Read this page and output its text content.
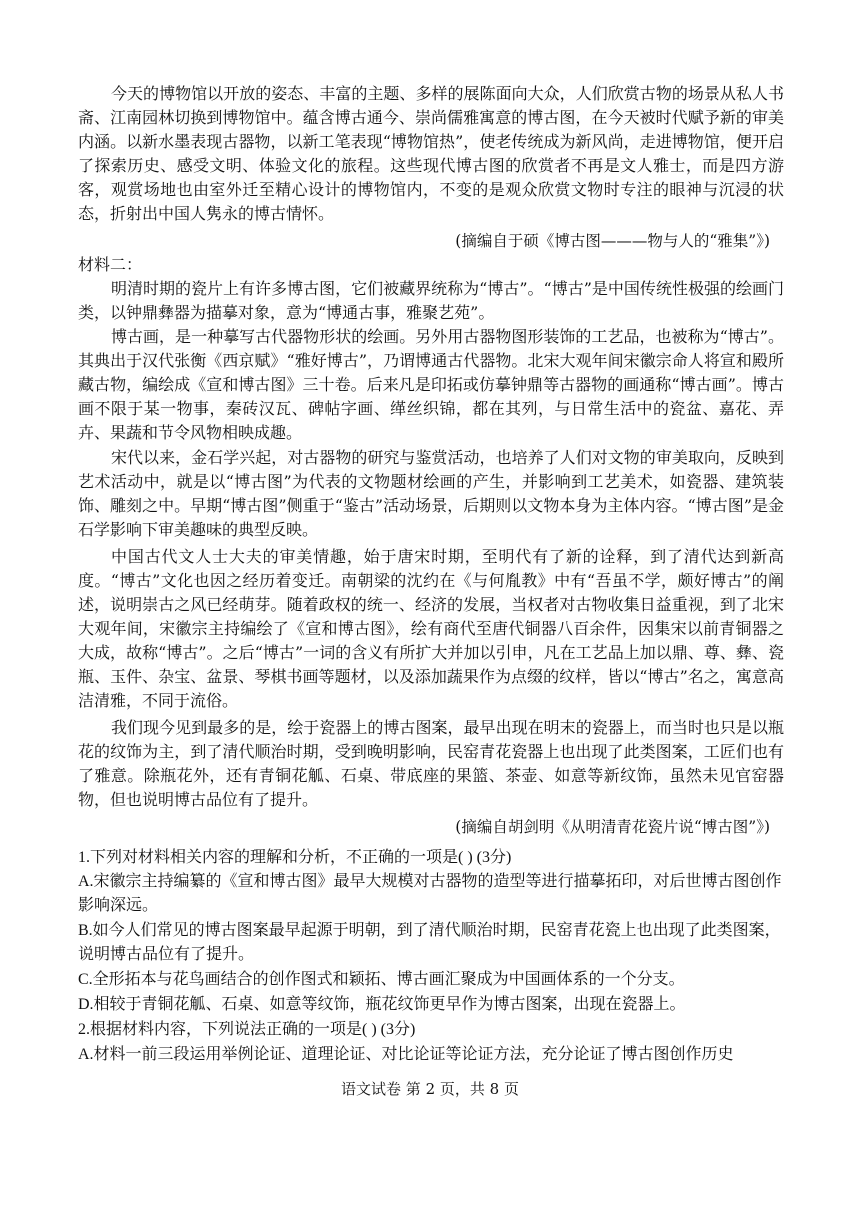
今天的博物馆以开放的姿态、丰富的主题、多样的展陈面向大众，人们欣赏古物的场景从私人书斋、江南园林切换到博物馆中。蕴含博古通今、崇尚儒雅寓意的博古图，在今天被时代赋予新的审美内涵。以新水墨表现古器物，以新工笔表现“博物馆热”，使老传统成为新风尚，走进博物馆，便开启了探索历史、感受文明、体验文化的旅程。这些现代博古图的欣赏者不再是文人雅士，而是四方游客，观赏场地也由室外迁至精心设计的博物馆内，不变的是观众欣赏文物时专注的眼神与沉浸的状态，折射出中国人隽永的博古情怀。

(摘编自于硕《博古图———物与人的“雅集”》)
材料二：

明清时期的瓷片上有许多博古图，它们被藏界统称为“博古”。“博古”是中国传统性极强的绘画门类，以钟鼎彝器为描摹对象，意为“博通古事，雅聚艺苑”。

博古画，是一种摹写古代器物形状的绘画。另外用古器物图形装饰的工艺品，也被称为“博古”。其典出于汉代张衡《西京赋》“雅好博古”，乃谓博通古代器物。北宋大观年间宋徽宗命人将宣和殿所藏古物，编绘成《宣和博古图》三十卷。后来凡是印拓或仿摹钟鼎等古器物的画通称“博古画”。博古画不限于某一物事，秦砖汉瓦、碑帖字画、缂丝织锦，都在其列，与日常生活中的瓷盆、嘉花、弄卉、果蔬和节令风物相映成趣。

宋代以来，金石学兴起，对古器物的研究与鉴赏活动，也培养了人们对文物的审美取向，反映到艺术活动中，就是以“博古图”为代表的文物题材绘画的产生，并影响到工艺美术，如瓷器、建筑装饰、雕刻之中。早期“博古图”侧重于“鉴古”活动场景，后期则以文物本身为主体内容。“博古图”是金石学影响下审美趣味的典型反映。

中国古代文人士大夫的审美情趣，始于唐宋时期，至明代有了新的诠释，到了清代达到新高度。“博古”文化也因之经历着变迁。南朝梁的沈约在《与何胤教》中有“吾虽不学，颇好博古”的阐述，说明崇古之风已经萌芽。随着政权的统一、经济的发展，当权者对古物收集日益重视，到了北宋大观年间，宋徽宗主持编绘了《宣和博古图》，绘有商代至唐代铜器八百余件，因集宋以前青铜器之大成，故称“博古”。之后“博古”一词的含义有所扩大并加以引申，凡在工艺品上加以鼎、尊、彝、瓷瓶、玉件、杂宝、盆景、琴棋书画等题材，以及添加蔬果作为点缀的纹样，皆以“博古”名之，寓意高洁清雅，不同于流俗。

我们现今见到最多的是，绘于瓷器上的博古图案，最早出现在明末的瓷器上，而当时也只是以瓶花的纹饰为主，到了清代顺治时期，受到晚明影响，民窑青花瓷器上也出现了此类图案，工匠们也有了雅意。除瓶花外，还有青铜花觚、石桌、带底座的果篮、茶壶、如意等新纹饰，虽然未见官窑器物，但也说明博古品位有了提升。

(摘编自胡剑明《从明清青花瓷片说“博古图”》)

1.下列对材料相关内容的理解和分析，不正确的一项是( ) (3分)

A.宋徽宗主持编纂的《宣和博古图》最早大规模对古器物的造型等进行描摹拓印，对后世博古图创作影响深远。

B.如今人们常见的博古图案最早起源于明朝，到了清代顺治时期，民窑青花瓷上也出现了此类图案，说明博古品位有了提升。

C.全形拓本与花鸟画结合的创作图式和颖拓、博古画汇聚成为中国画体系的一个分支。

D.相较于青铜花觚、石桌、如意等纹饰，瓶花纹饰更早作为博古图案，出现在瓷器上。

2.根据材料内容，下列说法正确的一项是( ) (3分)

A.材料一前三段运用举例论证、道理论证、对比论证等论证方法，充分论证了博古图创作历史

语文试卷 第 2 页，共 8 页
